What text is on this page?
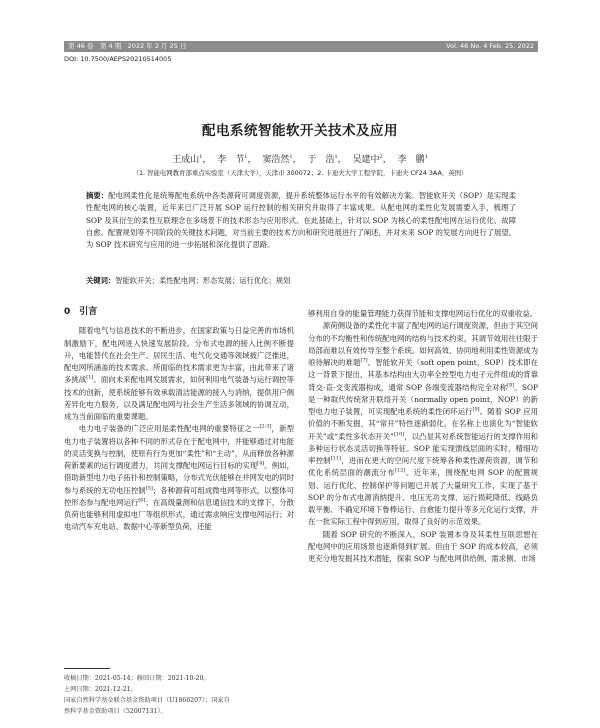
第 46 卷　第 4 期　2022 年 2 月 25 日	Vol. 46 No. 4 Feb. 25, 2022
DOI: 10.7500/AEPS20210514005
配电系统智能软开关技术及应用
王成山$^1$， 李　节$^1$， 窦浩然$^1$， 于　浩$^1$， 吴建中$^2$， 李　鹏$^1$
（1. 智能电网教育部重点实验室（天津大学），天津市 300072；2. 卡迪夫大学工程学院，卡迪夫 CF24 3AA，英国）
摘要：配电网柔性化是统筹配电系统中各类源荷可调度资源，提升系统整体运行水平的有效解决方案。智能软开关（SOP）是实现柔性配电网的核心装置，近年来已广泛开展 SOP 运行控制的相关研究并取得了丰富成果。从配电网的柔性化发展需要入手，梳理了 SOP 及其衍生的柔性互联理念在多场景下的技术形态与应用形式。在此基础上，针对以 SOP 为核心的柔性配电网在运行优化、故障自愈、配置规划等不同阶段的关键技术问题，对当前主要的技术方向和研究进展进行了阐述，并对未来 SOP 的发展方向进行了展望，为 SOP 技术研究与应用的进一步拓展和深化提供了思路。
关键词：智能软开关；柔性配电网；形态发展；运行优化；规划
0　引言

随着电气与信息技术的不断进步，在国家政策与日益完善的市场机制激励下，配电网进入快速发展阶段。分布式电源的接入比例不断提升，电能替代在社会生产、居民生活、电气化交通等领域被广泛推进，配电网所涵盖的技术需求、所面临的技术需求更为丰富，由此带来了诸多挑战[1]。面向未来配电网发展需求，如何利用电气装备与运行调控等技术的创新，使系统能够有效承载清洁能源的接入与消纳，提供用户侧差异化电力服务，以及满足配电网与社会生产生活多领域的协调互动，成为当前面临的重要课题。

电力电子装备的广泛应用是柔性配电网的重要特征之一[2-3]，新型电力电子装置将以各种不同的形式存在于配电网中，并能够通过对电能的灵活变换与控制，使原有行为更加“柔性”和“主动”，从而释放各种源荷新要素的运行调度潜力，共同支撑配电网运行目标的实现[4]。例如，借助新型电力电子拓扑和控制策略，分布式光伏能够在并网发电的同时参与系统的无功电压控制[5]；各种源荷可组成微电网等形式，以整体可控形态参与配电网运行[6]；在高级量测和信息通信技术的支撑下，分散负荷也能够利用虚拟电厂等组织形式，通过需求响应支撑电网运行；对电动汽车充电站、数据中心等新型负荷，还能

够利用自身的能量管理能力获得节能和支撑电网运行优化的双重收益。

源荷侧设备的柔性化丰富了配电网的运行调度资源，但由于其空间分布的不均衡性和传统配电网的结构与技术约束，其调节效用往往限于局部而难以有效传导至整个系统。如何高效、协同地利用柔性资源成为亟待解决的难题[7]。智能软开关（soft open point，SOP）技术即在这一背景下提出，其基本结构由大功率全控型电力电子元件组成的背靠背交-直-交变流器构成，通常 SOP 各端变流器结构完全对称[8]。SOP 是一种取代传统常开联络开关（normally open point，NOP）的新型电力电子装置，可实现配电系统的柔性闭环运行[9]。随着 SOP 应用价值的不断发掘，其“常开”特性逐渐弱化，在名称上也演化为“智能软开关”或“柔性多状态开关”[10]，以凸显其对系统智能运行的支撑作用和多种运行状态灵活切换等特征。SOP 能实现馈线层面的实时、精细功率控制[11]，进而在更大的空间尺度下统筹各种柔性源荷资源，调节和优化系统层面的潮流分布[12]。近年来，围绕配电网 SOP 的配置规划、运行优化、控制保护等问题已开展了大量研究工作，实现了基于 SOP 的分布式电源消纳提升、电压无功支撑、运行损耗降低、线路负载平衡、不确定环境下鲁棒运行、自愈能力提升等多元化运行支撑，并在一批实际工程中得到应用，取得了良好的示范效果。

随着 SOP 研究的不断深入，SOP 装置本身及其柔性互联思想在配电网中的应用场景也逐渐得到扩展。但由于 SOP 的成本较高，必须更充分地发掘其技术潜能，探索 SOP 与配电网供给侧、需求侧、市场

收稿日期：2021-05-14；修回日期：2021-10-20。
上网日期：2021-12-21。
国家自然科学基金联合基金资助项目（U1866207）；国家自
然科学基金资助项目（52007131）。
